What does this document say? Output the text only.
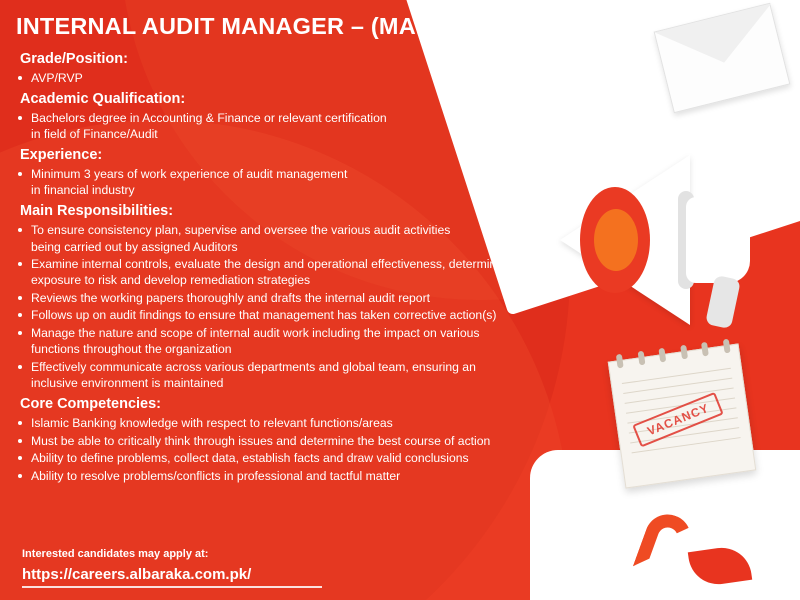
VACANCY
INTERNAL AUDIT MANAGER – (MANAGEMENT AUDIT)
Grade/Position:
AVP/RVP
Academic Qualification:
Bachelors degree in Accounting & Finance or relevant certification
in field of Finance/Audit
Experience:
Minimum 3 years of work experience of audit management
in financial industry
Main Responsibilities:
To ensure consistency plan, supervise and oversee the various audit activities
being carried out by assigned Auditors
Examine internal controls, evaluate the design and operational effectiveness, determine
exposure to risk and develop remediation strategies
Reviews the working papers thoroughly and drafts the internal audit report
Follows up on audit findings to ensure that management has taken corrective action(s)
Manage the nature and scope of internal audit work including the impact on various
functions throughout the organization
Effectively communicate across various departments and global team, ensuring an
inclusive environment is maintained
Core Competencies:
Islamic Banking knowledge with respect to relevant functions/areas
Must be able to critically think through issues and determine the best course of action
Ability to define problems, collect data, establish facts and draw valid conclusions
Ability to resolve problems/conflicts in professional and tactful matter
Interested candidates may apply at:
https://careers.albaraka.com.pk/
